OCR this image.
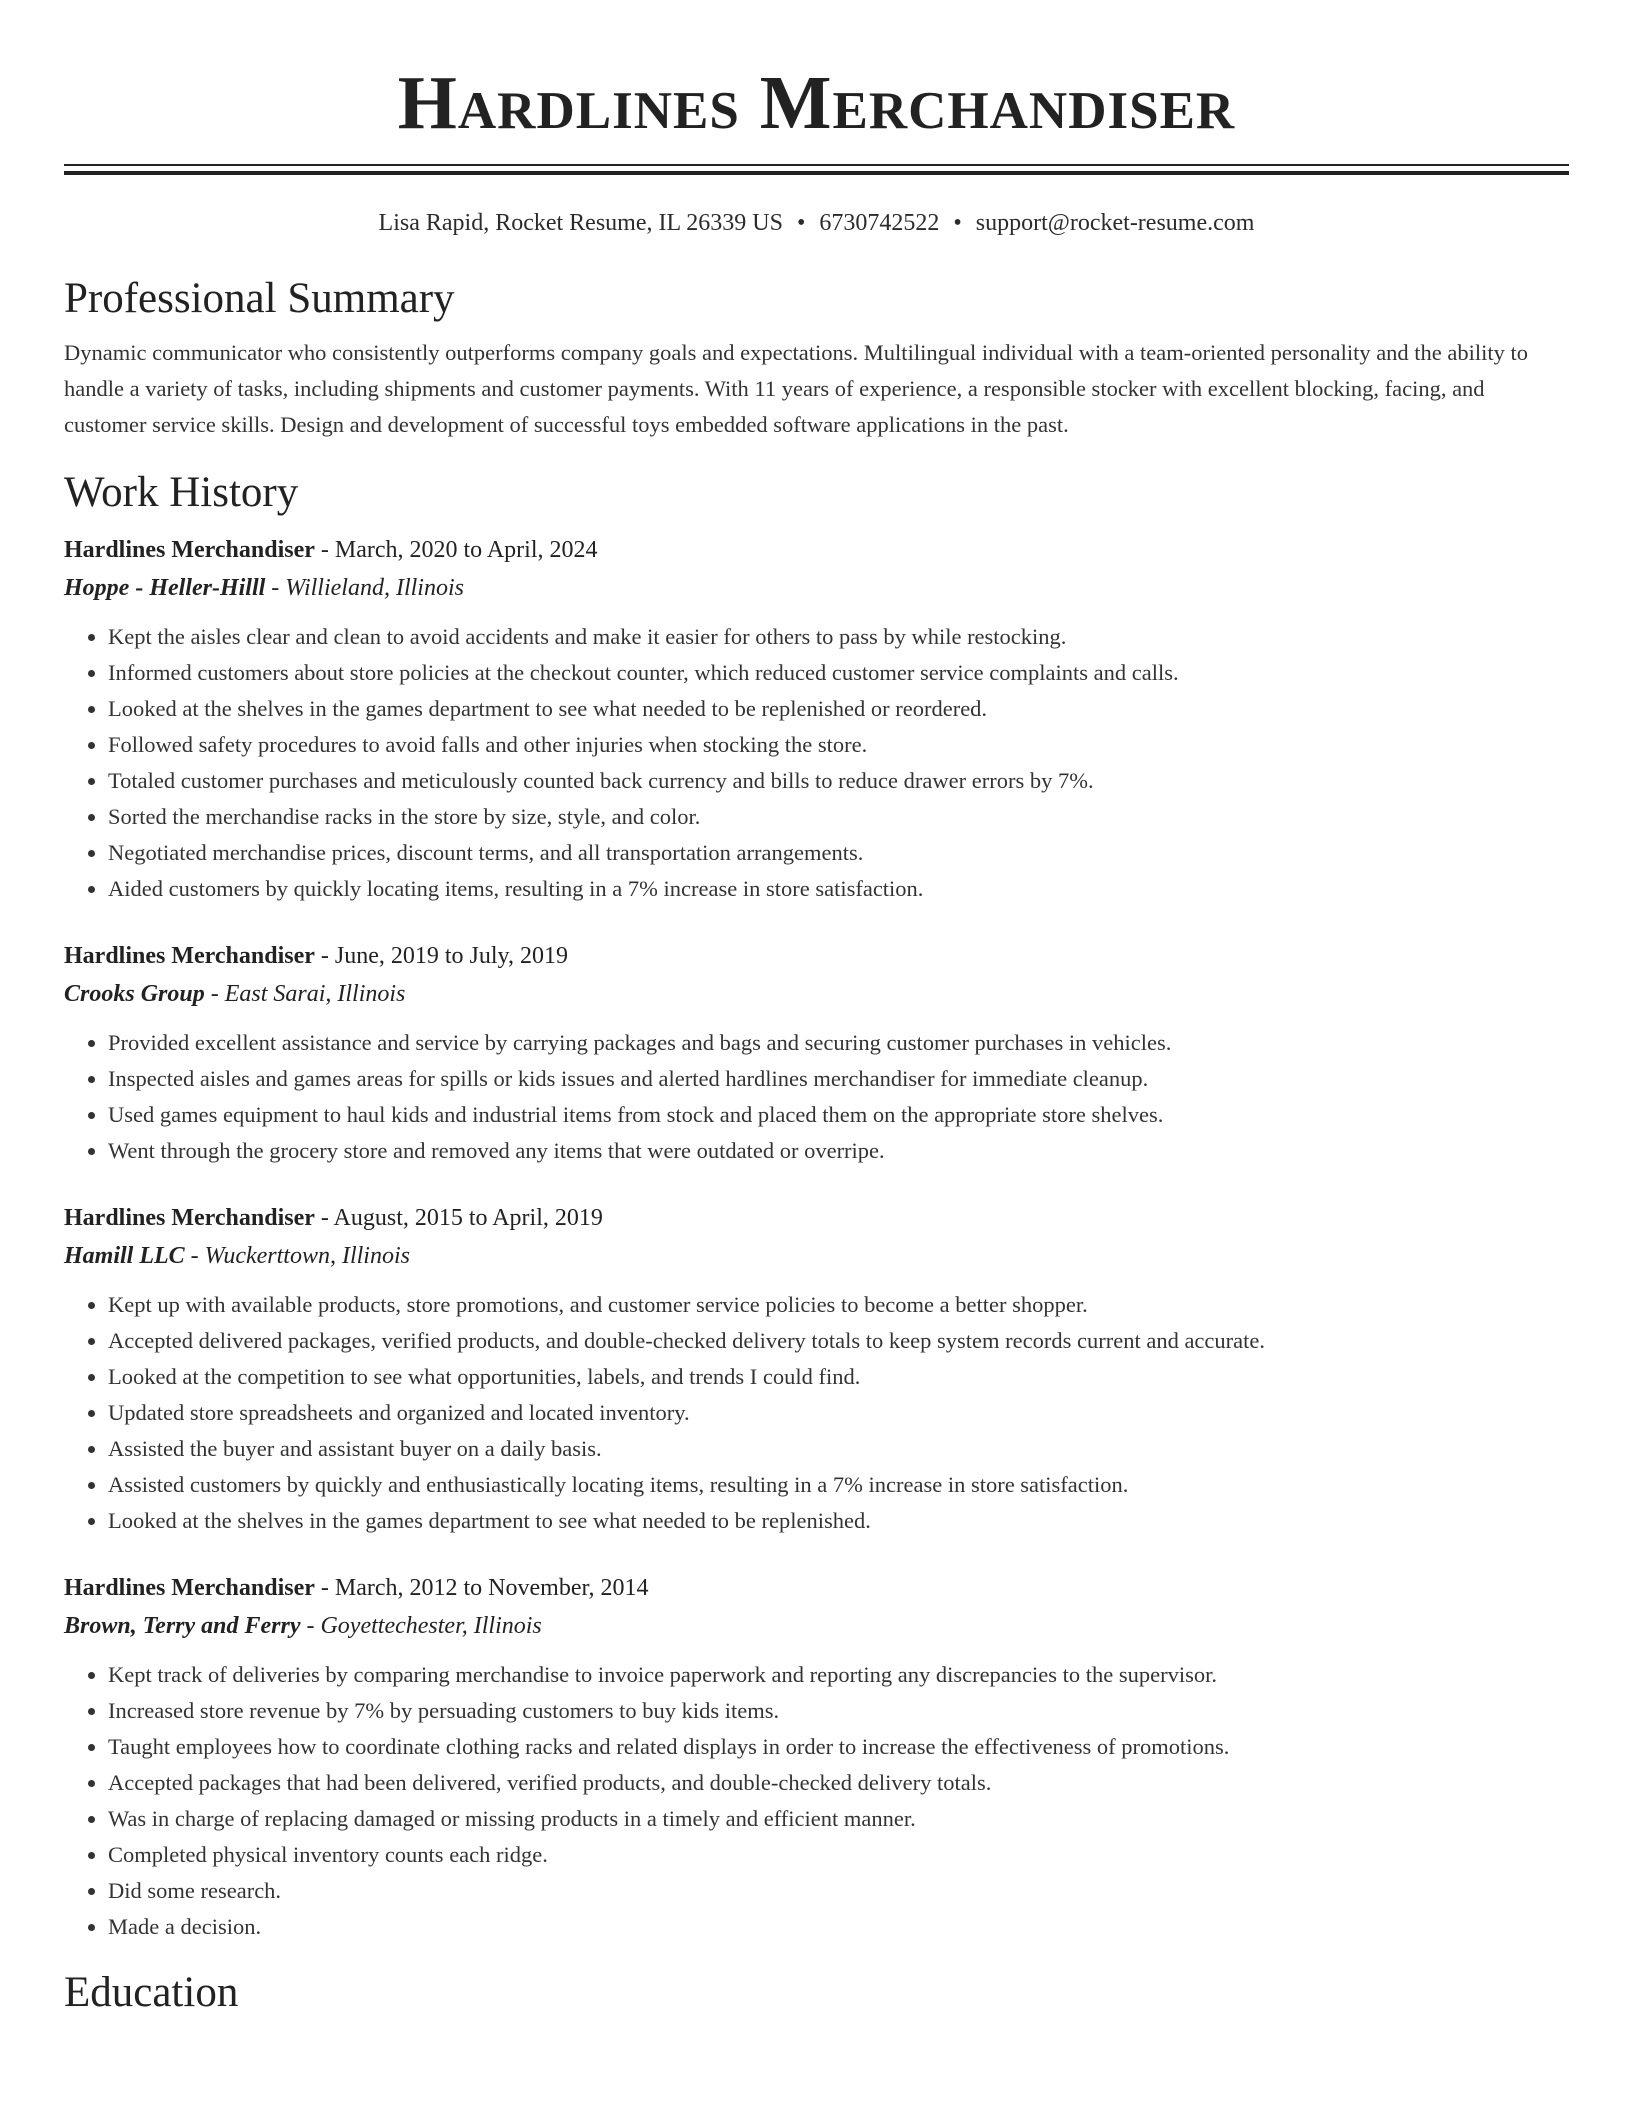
Hardlines Merchandiser
Lisa Rapid, Rocket Resume, IL 26339 US • 6730742522 • support@rocket-resume.com
Professional Summary
Dynamic communicator who consistently outperforms company goals and expectations. Multilingual individual with a team-oriented personality and the ability to handle a variety of tasks, including shipments and customer payments. With 11 years of experience, a responsible stocker with excellent blocking, facing, and customer service skills. Design and development of successful toys embedded software applications in the past.
Work History
Hardlines Merchandiser - March, 2020 to April, 2024
Hoppe - Heller-Hilll - Willieland, Illinois
• Kept the aisles clear and clean to avoid accidents and make it easier for others to pass by while restocking.
• Informed customers about store policies at the checkout counter, which reduced customer service complaints and calls.
• Looked at the shelves in the games department to see what needed to be replenished or reordered.
• Followed safety procedures to avoid falls and other injuries when stocking the store.
• Totaled customer purchases and meticulously counted back currency and bills to reduce drawer errors by 7%.
• Sorted the merchandise racks in the store by size, style, and color.
• Negotiated merchandise prices, discount terms, and all transportation arrangements.
• Aided customers by quickly locating items, resulting in a 7% increase in store satisfaction.
Hardlines Merchandiser - June, 2019 to July, 2019
Crooks Group - East Sarai, Illinois
• Provided excellent assistance and service by carrying packages and bags and securing customer purchases in vehicles.
• Inspected aisles and games areas for spills or kids issues and alerted hardlines merchandiser for immediate cleanup.
• Used games equipment to haul kids and industrial items from stock and placed them on the appropriate store shelves.
• Went through the grocery store and removed any items that were outdated or overripe.
Hardlines Merchandiser - August, 2015 to April, 2019
Hamill LLC - Wuckerttown, Illinois
• Kept up with available products, store promotions, and customer service policies to become a better shopper.
• Accepted delivered packages, verified products, and double-checked delivery totals to keep system records current and accurate.
• Looked at the competition to see what opportunities, labels, and trends I could find.
• Updated store spreadsheets and organized and located inventory.
• Assisted the buyer and assistant buyer on a daily basis.
• Assisted customers by quickly and enthusiastically locating items, resulting in a 7% increase in store satisfaction.
• Looked at the shelves in the games department to see what needed to be replenished.
Hardlines Merchandiser - March, 2012 to November, 2014
Brown, Terry and Ferry - Goyettechester, Illinois
• Kept track of deliveries by comparing merchandise to invoice paperwork and reporting any discrepancies to the supervisor.
• Increased store revenue by 7% by persuading customers to buy kids items.
• Taught employees how to coordinate clothing racks and related displays in order to increase the effectiveness of promotions.
• Accepted packages that had been delivered, verified products, and double-checked delivery totals.
• Was in charge of replacing damaged or missing products in a timely and efficient manner.
• Completed physical inventory counts each ridge.
• Did some research.
• Made a decision.
Education
